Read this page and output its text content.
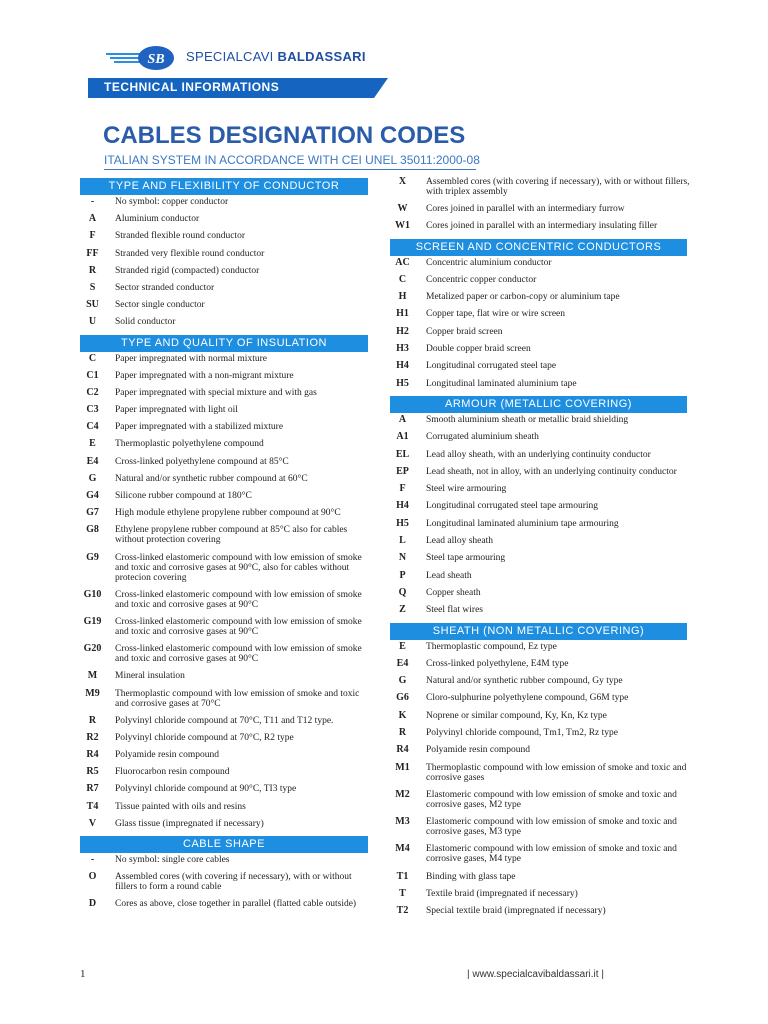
SB SPECIALCAVI BALDASSARI
TECHNICAL INFORMATIONS
CABLES DESIGNATION CODES
ITALIAN SYSTEM IN ACCORDANCE WITH CEI UNEL 35011:2000-08
TYPE AND FLEXIBILITY OF CONDUCTOR
-	No symbol: copper conductor
A	Aluminium conductor
F	Stranded flexible round conductor
FF	Stranded very flexible round conductor
R	Stranded rigid (compacted) conductor
S	Sector stranded conductor
SU	Sector single conductor
U	Solid conductor
TYPE AND QUALITY OF INSULATION
C	Paper impregnated with normal mixture
C1	Paper impregnated with a non-migrant mixture
C2	Paper impregnated with special mixture and with gas
C3	Paper impregnated with light oil
C4	Paper impregnated with a stabilized mixture
E	Thermoplastic polyethylene compound
E4	Cross-linked polyethylene compound at 85°C
G	Natural and/or synthetic rubber compound at 60°C
G4	Silicone rubber compound at 180°C
G7	High module ethylene propylene rubber compound at 90°C
G8	Ethylene propylene rubber compound at 85°C also for cables without protection covering
G9	Cross-linked elastomeric compound with low emission of smoke and toxic and corrosive gases at 90°C, also for cables without protecion covering
G10	Cross-linked elastomeric compound with low emission of smoke and toxic and corrosive gases at 90°C
G19	Cross-linked elastomeric compound with low emission of smoke and toxic and corrosive gases at 90°C
G20	Cross-linked elastomeric compound with low emission of smoke and toxic and corrosive gases at 90°C
M	Mineral insulation
M9	Thermoplastic compound with low emission of smoke and toxic and corrosive gases at 70°C
R	Polyvinyl chloride compound at 70°C, T11 and T12 type.
R2	Polyvinyl chloride compound at 70°C, R2 type
R4	Polyamide resin compound
R5	Fluorocarbon resin compound
R7	Polyvinyl chloride compound at 90°C, TI3 type
T4	Tissue painted with oils and resins
V	Glass tissue (impregnated if necessary)
CABLE SHAPE
-	No symbol: single core cables
O	Assembled cores (with covering if necessary), with or without fillers to form a round cable
D	Cores as above, close together in parallel (flatted cable outside)
X	Assembled cores (with covering if necessary), with or without fillers, with triplex assembly
W	Cores joined in parallel with an intermediary furrow
W1	Cores joined in parallel with an intermediary insulating filler
SCREEN AND CONCENTRIC CONDUCTORS
AC	Concentric aluminium conductor
C	Concentric copper conductor
H	Metalized paper or carbon-copy or aluminium tape
H1	Copper tape, flat wire or wire screen
H2	Copper braid screen
H3	Double copper braid screen
H4	Longitudinal corrugated steel tape
H5	Longitudinal laminated aluminium tape
ARMOUR (METALLIC COVERING)
A	Smooth aluminium sheath or metallic braid shielding
A1	Corrugated aluminium sheath
EL	Lead alloy sheath, with an underlying continuity conductor
EP	Lead sheath, not in alloy, with an underlying continuity conductor
F	Steel wire armouring
H4	Longitudinal corrugated steel tape armouring
H5	Longitudinal laminated aluminium tape armouring
L	Lead alloy sheath
N	Steel tape armouring
P	Lead sheath
Q	Copper sheath
Z	Steel flat wires
SHEATH (NON METALLIC COVERING)
E	Thermoplastic compound, Ez type
E4	Cross-linked polyethylene, E4M type
G	Natural and/or synthetic rubber compound, Gy type
G6	Cloro-sulphurine polyethylene compound, G6M type
K	Noprene or similar compound, Ky, Kn, Kz type
R	Polyvinyl chloride compound, Tm1, Tm2, Rz type
R4	Polyamide resin compound
M1	Thermoplastic compound with low emission of smoke and toxic and corrosive gases
M2	Elastomeric compound with low emission of smoke and toxic and corrosive gases, M2 type
M3	Elastomeric compound with low emission of smoke and toxic and corrosive gases, M3 type
M4	Elastomeric compound with low emission of smoke and toxic and corrosive gases, M4 type
T1	Binding with glass tape
T	Textile braid (impregnated if necessary)
T2	Special textile braid (impregnated if necessary)
1	| www.specialcavibaldassari.it |
